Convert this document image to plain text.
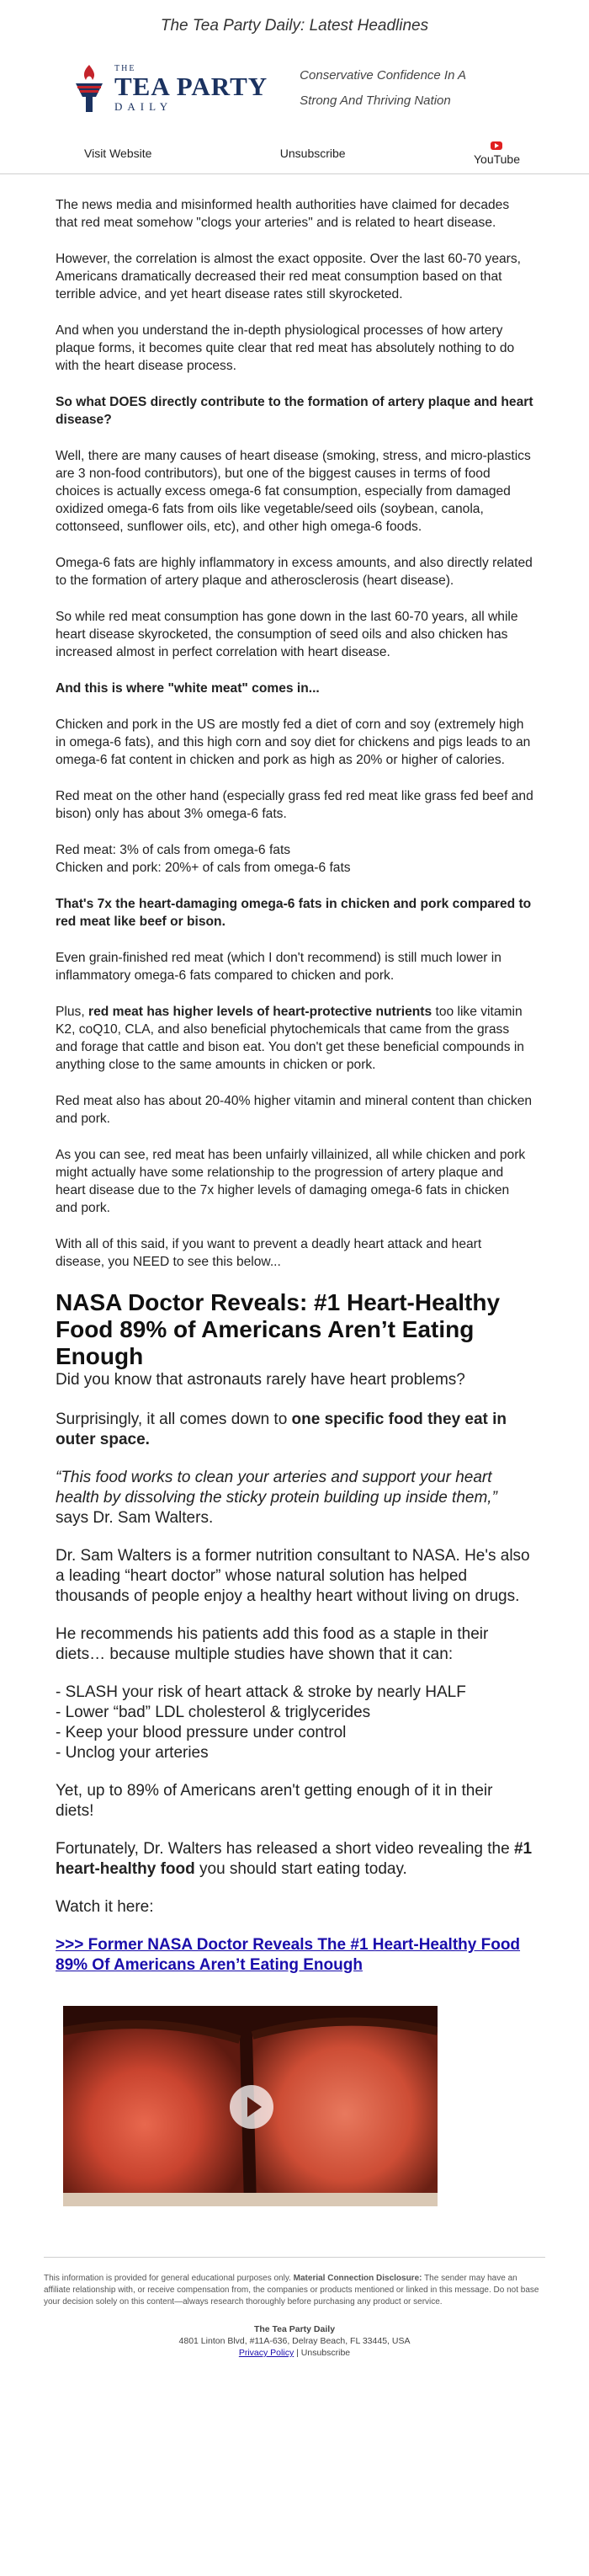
The Tea Party Daily: Latest Headlines
THE
TEA PARTY
DAILY
Conservative Confidence In A
Strong And Thriving Nation
Visit Website	Unsubscribe	YouTube

The news media and misinformed health authorities have claimed for decades that red meat somehow "clogs your arteries" and is related to heart disease.

However, the correlation is almost the exact opposite. Over the last 60-70 years, Americans dramatically decreased their red meat consumption based on that terrible advice, and yet heart disease rates still skyrocketed.

And when you understand the in-depth physiological processes of how artery plaque forms, it becomes quite clear that red meat has absolutely nothing to do with the heart disease process.

So what DOES directly contribute to the formation of artery plaque and heart disease?

Well, there are many causes of heart disease (smoking, stress, and micro-plastics are 3 non-food contributors), but one of the biggest causes in terms of food choices is actually excess omega-6 fat consumption, especially from damaged oxidized omega-6 fats from oils like vegetable/seed oils (soybean, canola, cottonseed, sunflower oils, etc), and other high omega-6 foods.

Omega-6 fats are highly inflammatory in excess amounts, and also directly related to the formation of artery plaque and atherosclerosis (heart disease).

So while red meat consumption has gone down in the last 60-70 years, all while heart disease skyrocketed, the consumption of seed oils and also chicken has increased almost in perfect correlation with heart disease.

And this is where "white meat" comes in...

Chicken and pork in the US are mostly fed a diet of corn and soy (extremely high in omega-6 fats), and this high corn and soy diet for chickens and pigs leads to an omega-6 fat content in chicken and pork as high as 20% or higher of calories.

Red meat on the other hand (especially grass fed red meat like grass fed beef and bison) only has about 3% omega-6 fats.

Red meat: 3% of cals from omega-6 fats
Chicken and pork: 20%+ of cals from omega-6 fats

That's 7x the heart-damaging omega-6 fats in chicken and pork compared to red meat like beef or bison.

Even grain-finished red meat (which I don't recommend) is still much lower in inflammatory omega-6 fats compared to chicken and pork.

Plus, red meat has higher levels of heart-protective nutrients too like vitamin K2, coQ10, CLA, and also beneficial phytochemicals that came from the grass and forage that cattle and bison eat. You don't get these beneficial compounds in anything close to the same amounts in chicken or pork.

Red meat also has about 20-40% higher vitamin and mineral content than chicken and pork.

As you can see, red meat has been unfairly villainized, all while chicken and pork might actually have some relationship to the progression of artery plaque and heart disease due to the 7x higher levels of damaging omega-6 fats in chicken and pork.

With all of this said, if you want to prevent a deadly heart attack and heart disease, you NEED to see this below...

NASA Doctor Reveals: #1 Heart-Healthy Food 89% of Americans Aren’t Eating Enough

Did you know that astronauts rarely have heart problems?

Surprisingly, it all comes down to one specific food they eat in outer space.

“This food works to clean your arteries and support your heart health by dissolving the sticky protein building up inside them,” says Dr. Sam Walters.

Dr. Sam Walters is a former nutrition consultant to NASA. He's also a leading “heart doctor” whose natural solution has helped thousands of people enjoy a healthy heart without living on drugs.

He recommends his patients add this food as a staple in their diets… because multiple studies have shown that it can:

- SLASH your risk of heart attack & stroke by nearly HALF
- Lower “bad” LDL cholesterol & triglycerides
- Keep your blood pressure under control
- Unclog your arteries

Yet, up to 89% of Americans aren't getting enough of it in their diets!

Fortunately, Dr. Walters has released a short video revealing the #1 heart-healthy food you should start eating today.

Watch it here:

>>> Former NASA Doctor Reveals The #1 Heart-Healthy Food 89% Of Americans Aren’t Eating Enough

This information is provided for general educational purposes only. Material Connection Disclosure: The sender may have an affiliate relationship with, or receive compensation from, the companies or products mentioned or linked in this message. Do not base your decision solely on this content—always research thoroughly before purchasing any product or service.

The Tea Party Daily
4801 Linton Blvd, #11A-636, Delray Beach, FL 33445, USA
Privacy Policy | Unsubscribe
